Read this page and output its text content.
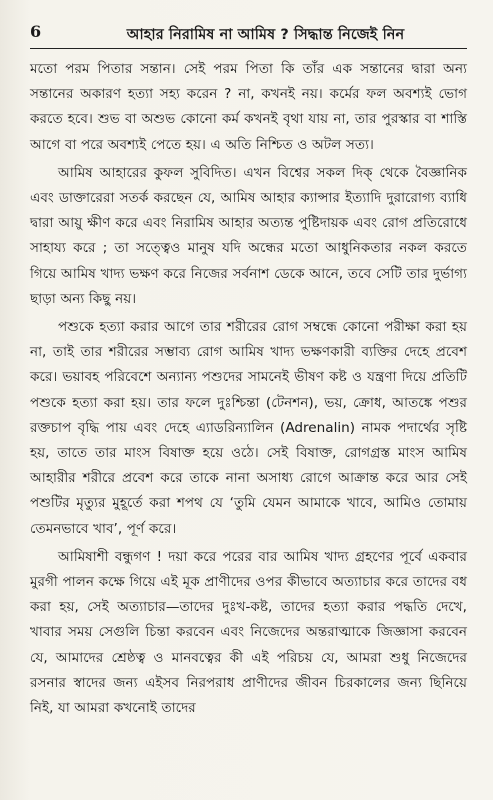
6	আহার নিরামিষ না আমিষ ? সিদ্ধান্ত নিজেই নিন

মতো পরম পিতার সন্তান। সেই পরম পিতা কি তাঁর এক সন্তানের দ্বারা অন্য সন্তানের অকারণ হত্যা সহ্য করেন ? না, কখনই নয়। কর্মের ফল অবশ্যই ভোগ করতে হবে। শুভ বা অশুভ কোনো কর্ম কখনই বৃথা যায় না, তার পুরস্কার বা শাস্তি আগে বা পরে অবশ্যই পেতে হয়। এ অতি নিশ্চিত ও অটল সত্য।

আমিষ আহারের কুফল সুবিদিত। এখন বিশ্বের সকল দিক্ থেকে বৈজ্ঞানিক এবং ডাক্তারেরা সতর্ক করছেন যে, আমিষ আহার ক্যান্সার ইত্যাদি দুরারোগ্য ব্যাধি দ্বারা আয়ু ক্ষীণ করে এবং নিরামিষ আহার অত্যন্ত পুষ্টিদায়ক এবং রোগ প্রতিরোধে সাহায্য করে ; তা সত্ত্বেও মানুষ যদি অন্ধের মতো আধুনিকতার নকল করতে গিয়ে আমিষ খাদ্য ভক্ষণ করে নিজের সর্বনাশ ডেকে আনে, তবে সেটি তার দুর্ভাগ্য ছাড়া অন্য কিছু নয়।

পশুকে হত্যা করার আগে তার শরীরের রোগ সম্বন্ধে কোনো পরীক্ষা করা হয় না, তাই তার শরীরের সম্ভাব্য রোগ আমিষ খাদ্য ভক্ষণকারী ব্যক্তির দেহে প্রবেশ করে। ভয়াবহ পরিবেশে অন্যান্য পশুদের সামনেই ভীষণ কষ্ট ও যন্ত্রণা দিয়ে প্রতিটি পশুকে হত্যা করা হয়। তার ফলে দুঃশ্চিন্তা (টেনশন), ভয়, ক্রোধ, আতঙ্কে পশুর রক্তচাপ বৃদ্ধি পায় এবং দেহে এ্যাডরিন্যালিন (Adrenalin) নামক পদার্থের সৃষ্টি হয়, তাতে তার মাংস বিষাক্ত হয়ে ওঠে। সেই বিষাক্ত, রোগগ্রস্ত মাংস আমিষ আহারীর শরীরে প্রবেশ করে তাকে নানা অসাধ্য রোগে আক্রান্ত করে আর সেই পশুটির মৃত্যুর মুহূর্তে করা শপথ যে ‘তুমি যেমন আমাকে খাবে, আমিও তোমায় তেমনভাবে খাব’, পূর্ণ করে।

আমিষাশী বন্ধুগণ ! দয়া করে পরের বার আমিষ খাদ্য গ্রহণের পূর্বে একবার মুরগী পালন কক্ষে গিয়ে এই মূক প্রাণীদের ওপর কীভাবে অত্যাচার করে তাদের বধ করা হয়, সেই অত্যাচার—তাদের দুঃখ-কষ্ট, তাদের হত্যা করার পদ্ধতি দেখে, খাবার সময় সেগুলি চিন্তা করবেন এবং নিজেদের অন্তরাত্মাকে জিজ্ঞাসা করবেন যে, আমাদের শ্রেষ্ঠত্ব ও মানবত্বের কী এই পরিচয় যে, আমরা শুধু নিজেদের রসনার স্বাদের জন্য এইসব নিরপরাধ প্রাণীদের জীবন চিরকালের জন্য ছিনিয়ে নিই, যা আমরা কখনোই তাদের
